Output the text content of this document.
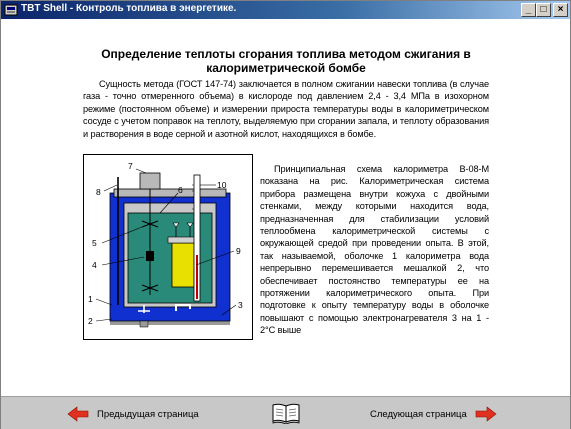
TBT Shell - Контроль топлива в энергетике.	_ □	×
Определение теплоты сгорания топлива методом сжигания в калориметрической бомбе

Сущность метода (ГОСТ 147-74) заключается в полном сжигании навески топлива (в случае газа - точно отмеренного объема) в кислороде под давлением 2,4 - 3,4 МПа в изохорном режиме (постоянном объеме) и измерении прироста температуры воды в калориметрическом сосуде с учетом поправок на теплоту, выделяемую при сгорании запала, и теплоту образования и растворения в воде серной и азотной кислот, находящихся в бомбе.

1
2
3
4
5
6
7
8
9
10

Принципиальная схема калориметра В-08-М показана на рис. Калориметрическая система прибора размещена внутри кожуха с двойными стенками, между которыми находится вода, предназначенная для стабилизации условий теплообмена калориметрической системы с окружающей средой при проведении опыта. В этой, так называемой, оболочке 1 калориметра вода непрерывно перемешивается мешалкой 2, что обеспечивает постоянство температуры ее на протяжении калориметрического опыта. При подготовке к опыту температуру воды в оболочке повышают с помощью электронагревателя 3 на 1 - 2°С выше

Предыдущая страница	Следующая страница
